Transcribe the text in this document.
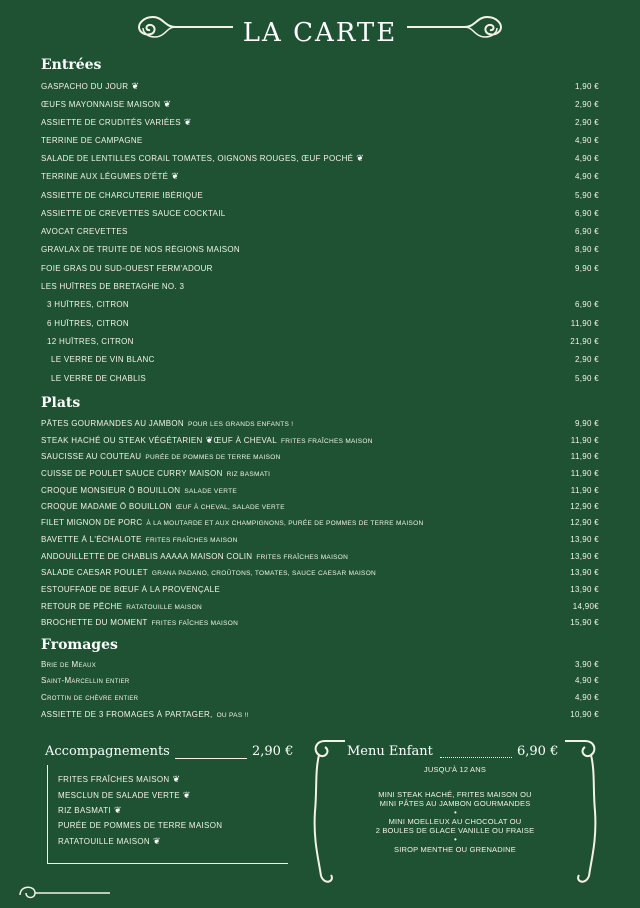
LA CARTE
Entrées
GASPACHO DU JOUR ❦	1,90 €
ŒUFS MAYONNAISE MAISON ❦	2,90 €
ASSIETTE DE CRUDITÉS VARIÉES ❦	2,90 €
TERRINE DE CAMPAGNE	4,90 €
SALADE DE LENTILLES CORAIL TOMATES, OIGNONS ROUGES, ŒUF POCHÉ ❦	4,90 €
TERRINE AUX LÉGUMES D'ÉTÉ ❦	4,90 €
ASSIETTE DE CHARCUTERIE IBÉRIQUE	5,90 €
ASSIETTE DE CREVETTES SAUCE COCKTAIL	6,90 €
AVOCAT CREVETTES	6,90 €
GRAVLAX DE TRUITE DE NOS RÉGIONS MAISON	8,90 €
FOIE GRAS DU SUD-OUEST FERM'ADOUR	9,90 €
LES HUÎTRES DE BRETAGHE NO. 3
3 HUÎTRES, CITRON	6,90 €
6 HUÎTRES, CITRON	11,90 €
12 HUÎTRES, CITRON	21,90 €
LE VERRE DE VIN BLANC	2,90 €
LE VERRE DE CHABLIS	5,90 €
Plats
PÂTES GOURMANDES AU JAMBON POUR LES GRANDS ENFANTS !	9,90 €
STEAK HACHÉ OU STEAK VÉGÉTARIEN ❦ŒUF À CHEVAL FRITES FRAÎCHES MAISON	11,90 €
SAUCISSE AU COUTEAU PURÉE DE POMMES DE TERRE MAISON	11,90 €
CUISSE DE POULET SAUCE CURRY MAISON RIZ BASMATI	11,90 €
CROQUE MONSIEUR Ô BOUILLON SALADE VERTE	11,90 €
CROQUE MADAME Ô BOUILLON ŒUF À CHEVAL, SALADE VERTE	12,90 €
FILET MIGNON DE PORC À LA MOUTARDE ET AUX CHAMPIGNONS, PURÉE DE POMMES DE TERRE MAISON	12,90 €
BAVETTE À L'ÉCHALOTE FRITES FRAÎCHES MAISON	13,90 €
ANDOUILLETTE DE CHABLIS AAAAA MAISON COLIN FRITES FRAÎCHES MAISON	13,90 €
SALADE CAESAR POULET GRANA PADANO, CROÛTONS, TOMATES, SAUCE CAESAR MAISON	13,90 €
ESTOUFFADE DE BŒUF À LA PROVENÇALE	13,90 €
RETOUR DE PÊCHE RATATOUILLE MAISON	14,90€
BROCHETTE DU MOMENT FRITES FAÎCHES MAISON	15,90 €
Fromages
Brie de Meaux	3,90 €
Saint-Marcellin entier	4,90 €
Crottin de chèvre entier	4,90 €
ASSIETTE DE 3 FROMAGES À PARTAGER, OU PAS !!	10,90 €
Accompagnements	2,90 €
FRITES FRAÎCHES MAISON ❦
MESCLUN DE SALADE VERTE ❦
RIZ BASMATI ❦
PURÉE DE POMMES DE TERRE MAISON
RATATOUILLE MAISON ❦
Menu Enfant	6,90 €
JUSQU'À 12 ANS
MINI STEAK HACHÉ, FRITES MAISON OU
MINI PÂTES AU JAMBON GOURMANDES
•
MINI MOELLEUX AU CHOCOLAT OU
2 BOULES DE GLACE VANILLE OU FRAISE
•
SIROP MENTHE OU GRENADINE
